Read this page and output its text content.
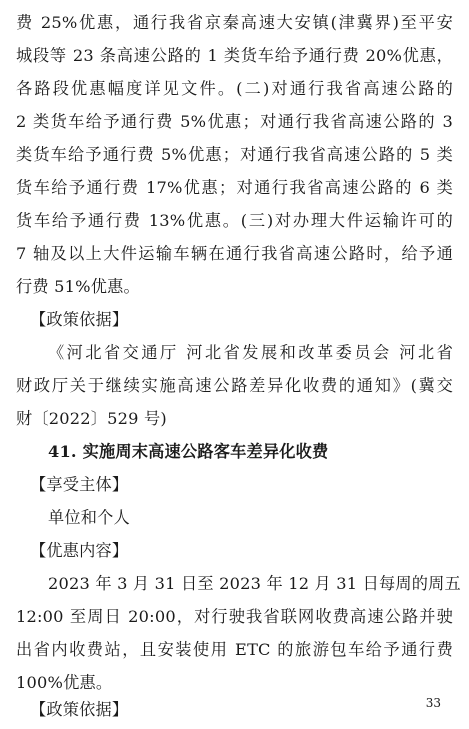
费 25%优惠，通行我省京秦高速大安镇(津冀界)至平安
城段等 23 条高速公路的 1 类货车给予通行费 20%优惠，
各路段优惠幅度详见文件。(二)对通行我省高速公路的
2 类货车给予通行费 5%优惠；对通行我省高速公路的 3
类货车给予通行费 5%优惠；对通行我省高速公路的 5 类
货车给予通行费 17%优惠；对通行我省高速公路的 6 类
货车给予通行费 13%优惠。(三)对办理大件运输许可的
7 轴及以上大件运输车辆在通行我省高速公路时，给予通
行费 51%优惠。
【政策依据】
《河北省交通厅 河北省发展和改革委员会 河北省
财政厅关于继续实施高速公路差异化收费的通知》(冀交
财〔2022〕529 号)
41. 实施周末高速公路客车差异化收费
【享受主体】
单位和个人
【优惠内容】
2023 年 3 月 31 日至 2023 年 12 月 31 日每周的周五
12:00 至周日 20:00，对行驶我省联网收费高速公路并驶
出省内收费站，且安装使用 ETC 的旅游包车给予通行费
100%优惠。
【政策依据】	33
